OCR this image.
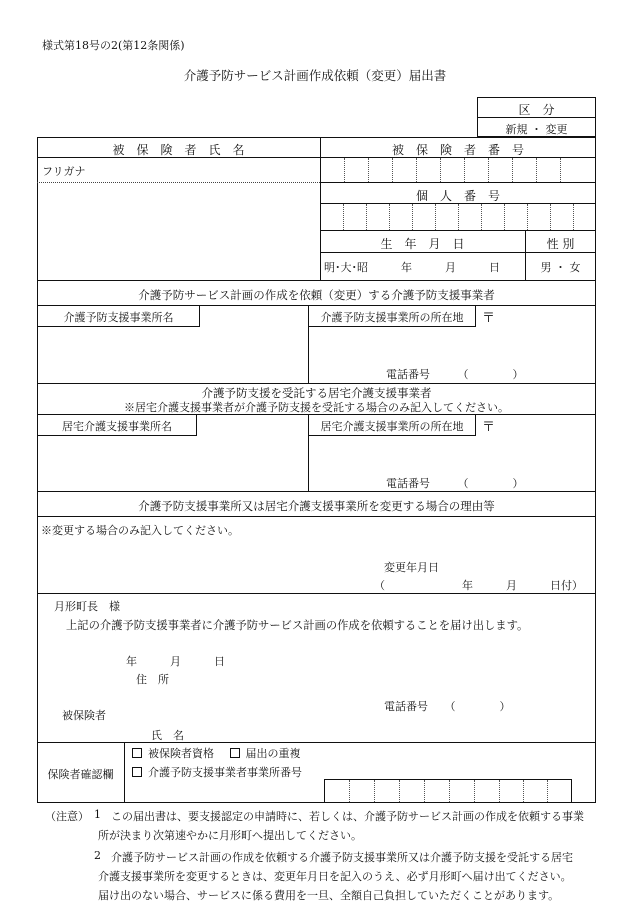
様式第18号の2(第12条関係)
介護予防サービス計画作成依頼（変更）届出書
区　分
新規 ・ 変更
被　保　険　者　氏　名	被　保　険　者　番　号
フリガナ
個　人　番　号
生　年　月　日	性 別
明･大･昭　　　年　　　月　　　日	男 ・ 女
介護予防サービス計画の作成を依頼（変更）する介護予防支援事業者
介護予防支援事業所名	介護予防支援事業所の所在地	〒
電話番号　　　（　　　　）
介護予防支援を受託する居宅介護支援事業者
※居宅介護支援事業者が介護予防支援を受託する場合のみ記入してください。
居宅介護支援事業所名	居宅介護支援事業所の所在地	〒
電話番号　　　（　　　　）
介護予防支援事業所又は居宅介護支援事業所を変更する場合の理由等
※変更する場合のみ記入してください。
変更年月日
（　　　　　　　年　　　月　　　日付）
月形町長　様
上記の介護予防支援事業者に介護予防サービス計画の作成を依頼することを届け出します。
年　　　月　　　日
住　所
電話番号　　（　　　　）
被保険者
氏　名
保険者確認欄
被保険者資格	届出の重複
介護予防支援事業者事業所番号
（注意） 1 この届出書は、要支援認定の申請時に、若しくは、介護予防サービス計画の作成を依頼する事業
所が決まり次第速やかに月形町へ提出してください。
2 介護予防サービス計画の作成を依頼する介護予防支援事業所又は介護予防支援を受託する居宅
介護支援事業所を変更するときは、変更年月日を記入のうえ、必ず月形町へ届け出てください。
届け出のない場合、サービスに係る費用を一旦、全額自己負担していただくことがあります。
